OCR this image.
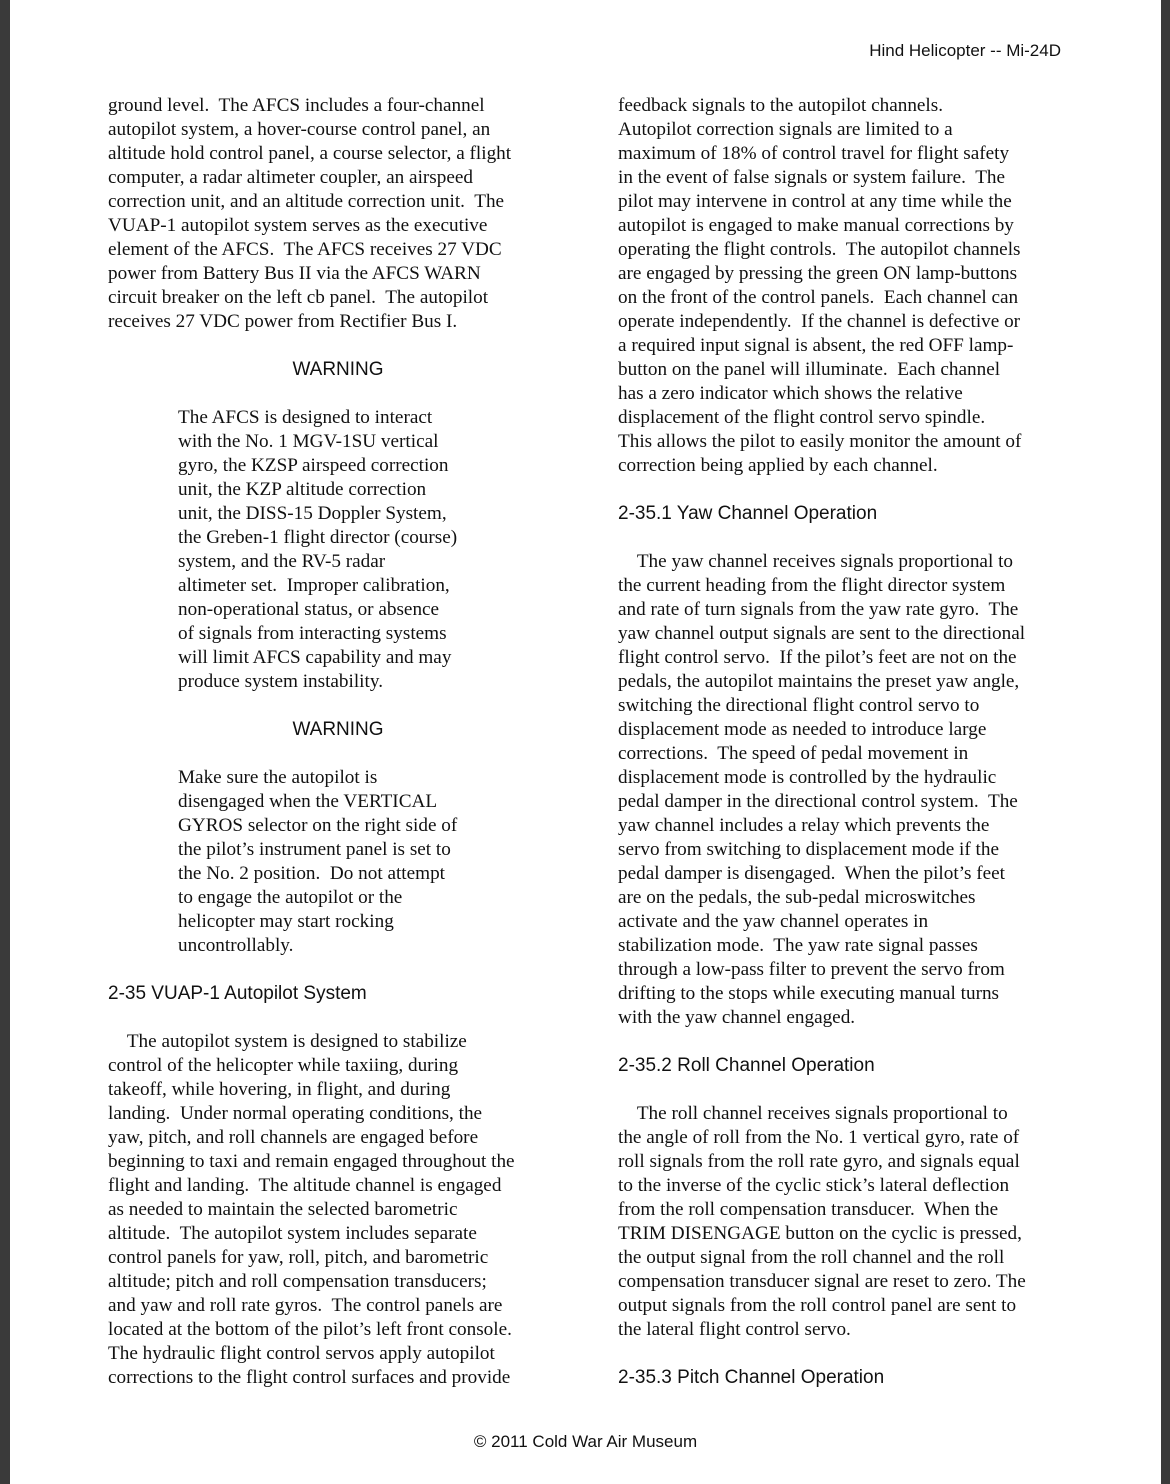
Hind Helicopter -- Mi-24D

ground level.  The AFCS includes a four-channel
autopilot system, a hover-course control panel, an
altitude hold control panel, a course selector, a flight
computer, a radar altimeter coupler, an airspeed
correction unit, and an altitude correction unit.  The
VUAP-1 autopilot system serves as the executive
element of the AFCS.  The AFCS receives 27 VDC
power from Battery Bus II via the AFCS WARN
circuit breaker on the left cb panel.  The autopilot
receives 27 VDC power from Rectifier Bus I.

WARNING

The AFCS is designed to interact
with the No. 1 MGV-1SU vertical
gyro, the KZSP airspeed correction
unit, the KZP altitude correction
unit, the DISS-15 Doppler System,
the Greben-1 flight director (course)
system, and the RV-5 radar
altimeter set.  Improper calibration,
non-operational status, or absence
of signals from interacting systems
will limit AFCS capability and may
produce system instability.

WARNING

Make sure the autopilot is
disengaged when the VERTICAL
GYROS selector on the right side of
the pilot’s instrument panel is set to
the No. 2 position.  Do not attempt
to engage the autopilot or the
helicopter may start rocking
uncontrollably.

2-35 VUAP-1 Autopilot System

The autopilot system is designed to stabilize
control of the helicopter while taxiing, during
takeoff, while hovering, in flight, and during
landing.  Under normal operating conditions, the
yaw, pitch, and roll channels are engaged before
beginning to taxi and remain engaged throughout the
flight and landing.  The altitude channel is engaged
as needed to maintain the selected barometric
altitude.  The autopilot system includes separate
control panels for yaw, roll, pitch, and barometric
altitude; pitch and roll compensation transducers;
and yaw and roll rate gyros.  The control panels are
located at the bottom of the pilot’s left front console.
The hydraulic flight control servos apply autopilot
corrections to the flight control surfaces and provide

feedback signals to the autopilot channels.
Autopilot correction signals are limited to a
maximum of 18% of control travel for flight safety
in the event of false signals or system failure.  The
pilot may intervene in control at any time while the
autopilot is engaged to make manual corrections by
operating the flight controls.  The autopilot channels
are engaged by pressing the green ON lamp-buttons
on the front of the control panels.  Each channel can
operate independently.  If the channel is defective or
a required input signal is absent, the red OFF lamp-
button on the panel will illuminate.  Each channel
has a zero indicator which shows the relative
displacement of the flight control servo spindle.
This allows the pilot to easily monitor the amount of
correction being applied by each channel.

2-35.1 Yaw Channel Operation

The yaw channel receives signals proportional to
the current heading from the flight director system
and rate of turn signals from the yaw rate gyro.  The
yaw channel output signals are sent to the directional
flight control servo.  If the pilot’s feet are not on the
pedals, the autopilot maintains the preset yaw angle,
switching the directional flight control servo to
displacement mode as needed to introduce large
corrections.  The speed of pedal movement in
displacement mode is controlled by the hydraulic
pedal damper in the directional control system.  The
yaw channel includes a relay which prevents the
servo from switching to displacement mode if the
pedal damper is disengaged.  When the pilot’s feet
are on the pedals, the sub-pedal microswitches
activate and the yaw channel operates in
stabilization mode.  The yaw rate signal passes
through a low-pass filter to prevent the servo from
drifting to the stops while executing manual turns
with the yaw channel engaged.

2-35.2 Roll Channel Operation

The roll channel receives signals proportional to
the angle of roll from the No. 1 vertical gyro, rate of
roll signals from the roll rate gyro, and signals equal
to the inverse of the cyclic stick’s lateral deflection
from the roll compensation transducer.  When the
TRIM DISENGAGE button on the cyclic is pressed,
the output signal from the roll channel and the roll
compensation transducer signal are reset to zero. The
output signals from the roll control panel are sent to
the lateral flight control servo.

2-35.3 Pitch Channel Operation

© 2011 Cold War Air Museum
